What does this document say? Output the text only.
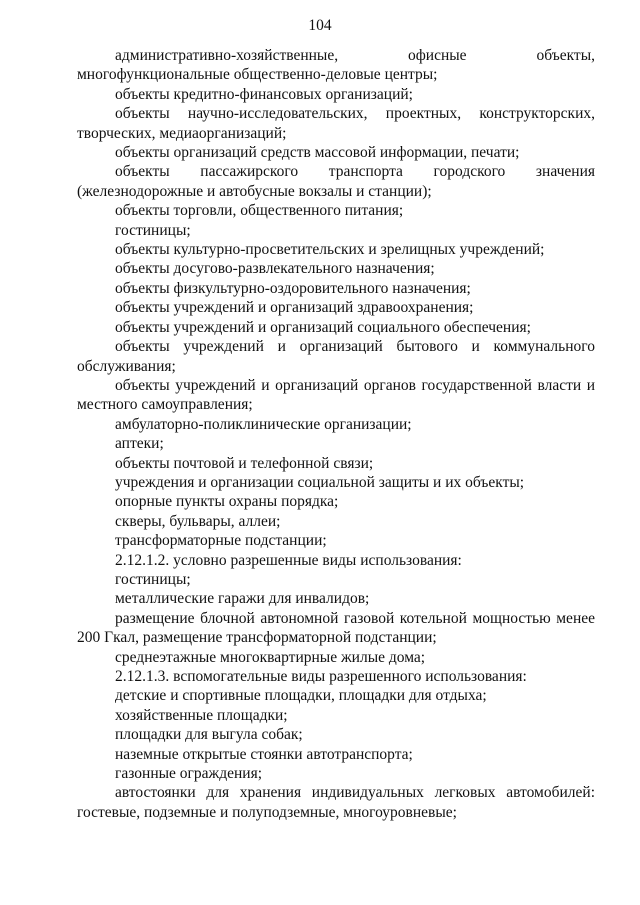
104

административно-хозяйственные, офисные объекты, многофункциональные общественно-деловые центры;

объекты кредитно-финансовых организаций;

объекты научно-исследовательских, проектных, конструкторских, творческих, медиаорганизаций;

объекты организаций средств массовой информации, печати;

объекты пассажирского транспорта городского значения (железнодорожные и автобусные вокзалы и станции);

объекты торговли, общественного питания;

гостиницы;

объекты культурно-просветительских и зрелищных учреждений;

объекты досугово-развлекательного назначения;

объекты физкультурно-оздоровительного назначения;

объекты учреждений и организаций здравоохранения;

объекты учреждений и организаций социального обеспечения;

объекты учреждений и организаций бытового и коммунального обслуживания;

объекты учреждений и организаций органов государственной власти и местного самоуправления;

амбулаторно-поликлинические организации;

аптеки;

объекты почтовой и телефонной связи;

учреждения и организации социальной защиты и их объекты;

опорные пункты охраны порядка;

скверы, бульвары, аллеи;

трансформаторные подстанции;

2.12.1.2. условно разрешенные виды использования:

гостиницы;

металлические гаражи для инвалидов;

размещение блочной автономной газовой котельной мощностью менее 200 Гкал, размещение трансформаторной подстанции;

среднеэтажные многоквартирные жилые дома;

2.12.1.3. вспомогательные виды разрешенного использования:

детские и спортивные площадки, площадки для отдыха;

хозяйственные площадки;

площадки для выгула собак;

наземные открытые стоянки автотранспорта;

газонные ограждения;

автостоянки для хранения индивидуальных легковых автомобилей: гостевые, подземные и полуподземные, многоуровневые;
